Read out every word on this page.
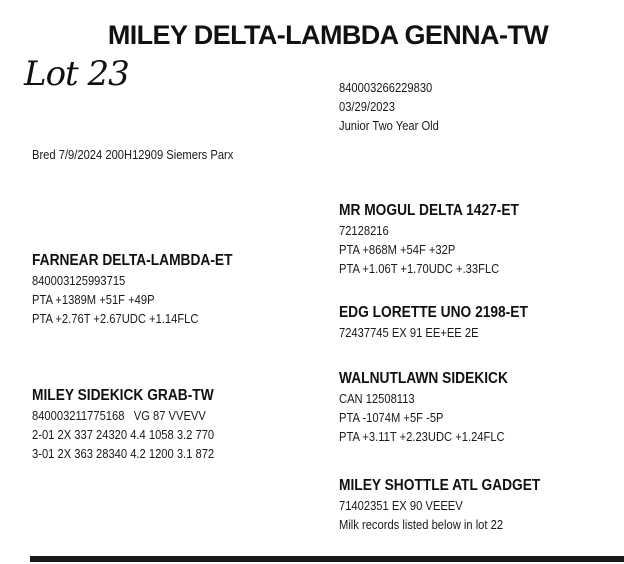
MILEY DELTA-LAMBDA GENNA-TW
Lot 23	840003266229830
03/29/2023
Junior Two Year Old
Bred 7/9/2024 200H12909 Siemers Parx
MR MOGUL DELTA 1427-ET
72128216
PTA +868M +54F +32P
PTA +1.06T +1.70UDC +.33FLC
FARNEAR DELTA-LAMBDA-ET
840003125993715
PTA +1389M +51F +49P
PTA +2.76T +2.67UDC +1.14FLC	EDG LORETTE UNO 2198-ET
72437745 EX 91 EE+EE 2E
WALNUTLAWN SIDEKICK
CAN 12508113
PTA -1074M +5F -5P
PTA +3.11T +2.23UDC +1.24FLC
MILEY SIDEKICK GRAB-TW
840003211775168   VG 87 VVEVV
2-01 2X 337 24320 4.4 1058 3.2 770
3-01 2X 363 28340 4.2 1200 3.1 872
MILEY SHOTTLE ATL GADGET
71402351 EX 90 VEEEV
Milk records listed below in lot 22
